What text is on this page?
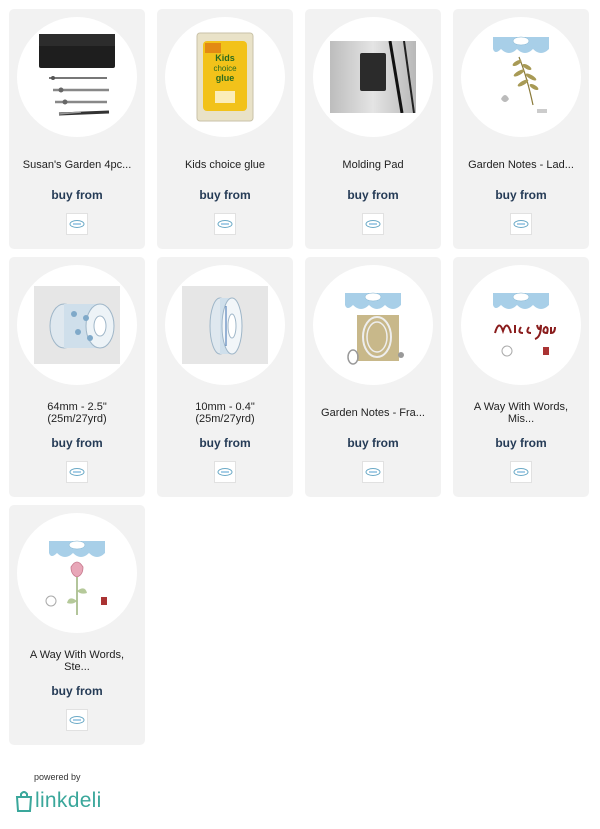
Susan's Garden 4pc...
buy from
Kids
choice
glue
Kids choice glue
buy from
Molding Pad
buy from
Garden Notes - Lad...
buy from
64mm - 2.5"
(25m/27yrd)
buy from
10mm - 0.4"
(25m/27yrd)
buy from
Garden Notes - Fra...
buy from
A Way With Words,
Mis...
buy from
A Way With Words,
Ste...
buy from
powered by
linkdeli
